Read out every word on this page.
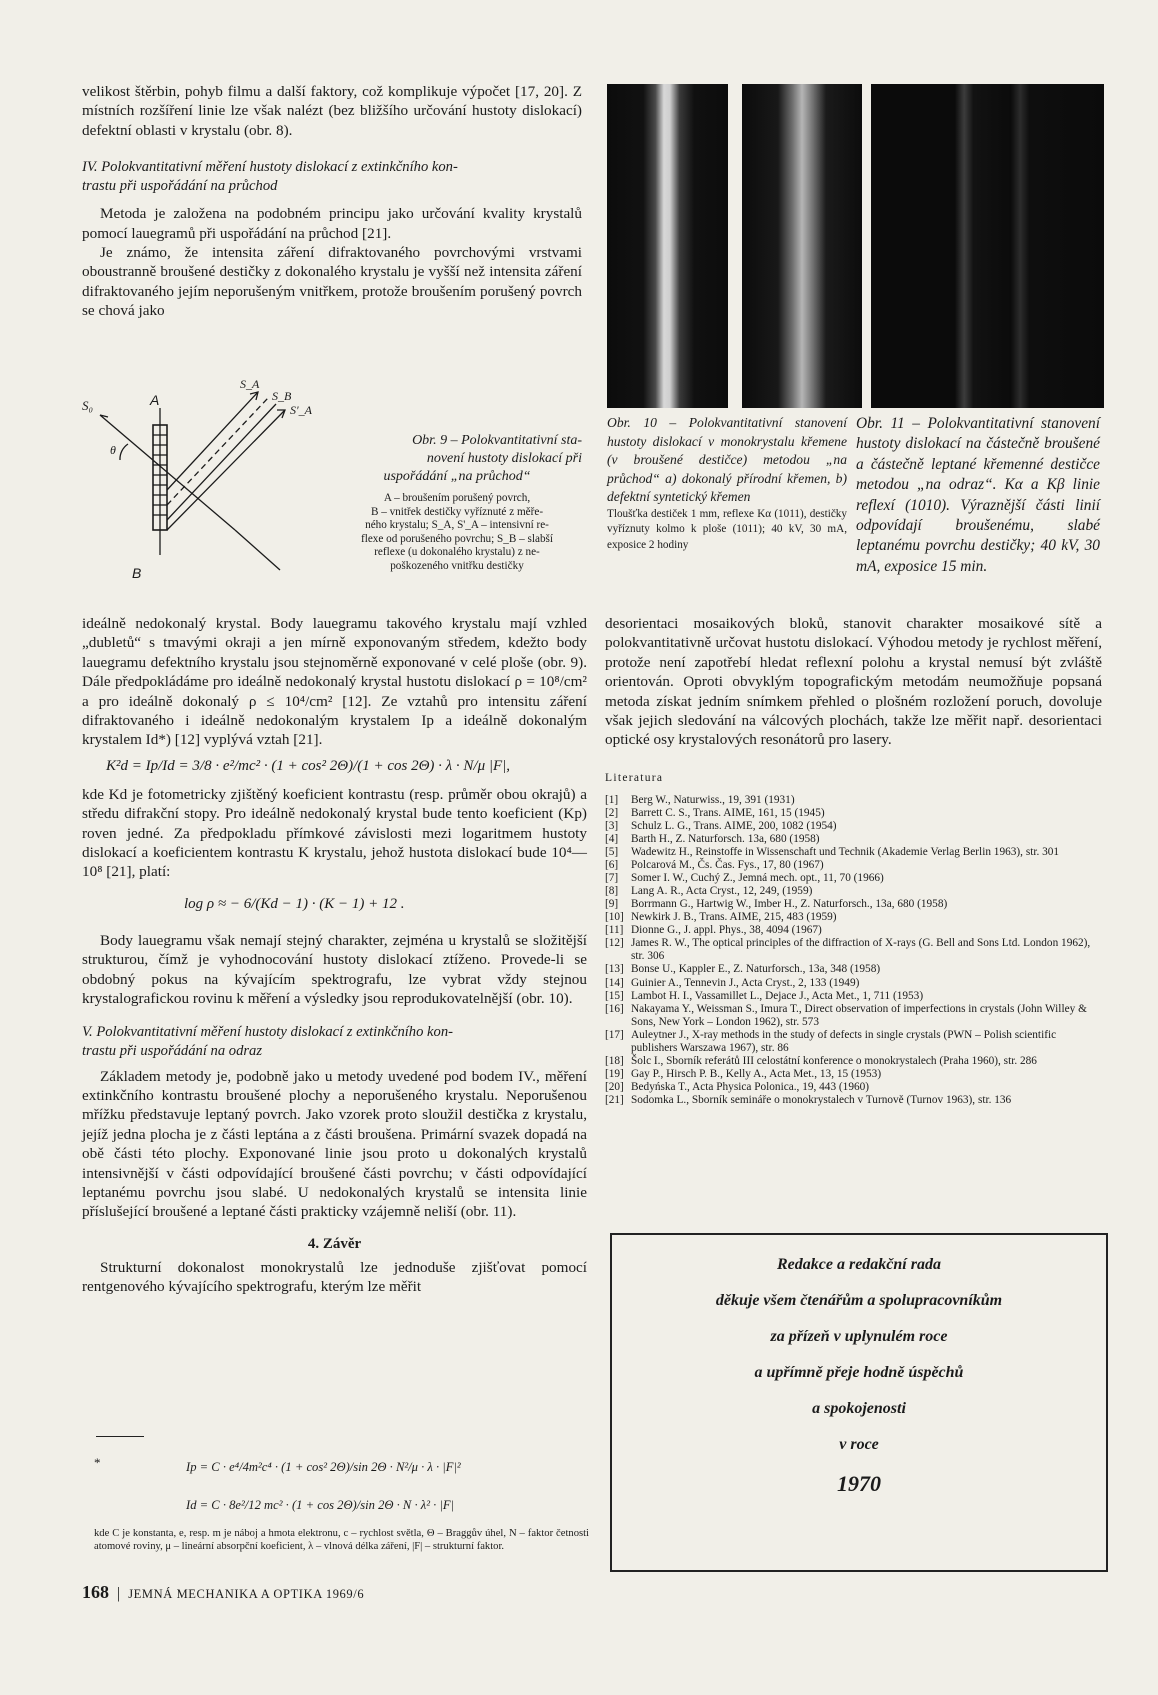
velikost štěrbin, pohyb filmu a další faktory, což komplikuje výpočet [17, 20]. Z místních rozšíření linie lze však nalézt (bez bližšího určování hustoty dislokací) defektní oblasti v krystalu (obr. 8).

IV. Polokvantitativní měření hustoty dislokací z extinkčního kon-

trastu při uspořádání na průchod

Metoda je založena na podobném principu jako určování kvality krystalů pomocí lauegramů při uspořádání na průchod [21].

Je známo, že intensita záření difraktovaného povrchovými vrstvami oboustranně broušené destičky z dokonalého krystalu je vyšší než intensita záření difraktovaného jejím neporušeným vnitřkem, protože broušením porušený povrch se chová jako

S₀	A
B
θ
S_A
S_B
S'_A

Obr. 9 – Polokvantitativní sta-

novení hustoty dislokací při

uspořádání „na průchod“

A – broušením porušený povrch,

B – vnitřek destičky vyříznuté z měře-

ného krystalu; S_A, S'_A – intensivní re-

flexe od porušeného povrchu; S_B – slabší

reflexe (u dokonalého krystalu) z ne-

poškozeného vnitřku destičky

Obr. 10 – Polokvantitativní stanovení hustoty dislokací v monokrystalu křemene (v broušené destičce) metodou „na průchod“ a) dokonalý přírodní křemen, b) defektní syntetický křemen

Tloušťka destiček 1 mm, reflexe Kα (1011), destičky vyříznuty kolmo k ploše (1011); 40 kV, 30 mA, exposice 2 hodiny

Obr. 11 – Polokvantitativní stanovení hustoty dislokací na částečně broušené a částečně leptané křemenné destičce metodou „na odraz“. Kα a Kβ linie reflexí (1010). Výraznější části linií odpovídají broušenému, slabé leptanému povrchu destičky; 40 kV, 30 mA, exposice 15 min.

ideálně nedokonalý krystal. Body lauegramu takového krystalu mají vzhled „dubletů“ s tmavými okraji a jen mírně exponovaným středem, kdežto body lauegramu defektního krystalu jsou stejnoměrně exponované v celé ploše (obr. 9). Dále předpokládáme pro ideálně nedokonalý krystal hustotu dislokací ρ = 10⁸/cm² a pro ideálně dokonalý ρ ≤ 10⁴/cm² [12]. Ze vztahů pro intensitu záření difraktovaného i ideálně nedokonalým krystalem Ip a ideálně dokonalým krystalem Id*) [12] vyplývá vztah [21].

K²d = Ip/Id = 3/8 · e²/mc² · (1 + cos² 2Θ)/(1 + cos 2Θ) · λ · N/μ |F|,

kde Kd je fotometricky zjištěný koeficient kontrastu (resp. průměr obou okrajů) a středu difrakční stopy. Pro ideálně nedokonalý krystal bude tento koeficient (Kp) roven jedné. Za předpokladu přímkové závislosti mezi logaritmem hustoty dislokací a koeficientem kontrastu K krystalu, jehož hustota dislokací bude 10⁴—10⁸ [21], platí:

log ρ ≈ − 6/(Kd − 1) · (K − 1) + 12 .

Body lauegramu však nemají stejný charakter, zejména u krystalů se složitější strukturou, čímž je vyhodnocování hustoty dislokací ztíženo. Provede-li se obdobný pokus na kývajícím spektrografu, lze vybrat vždy stejnou krystalografickou rovinu k měření a výsledky jsou reprodukovatelnější (obr. 10).

V. Polokvantitativní měření hustoty dislokací z extinkčního kon-

trastu při uspořádání na odraz

Základem metody je, podobně jako u metody uvedené pod bodem IV., měření extinkčního kontrastu broušené plochy a neporušeného krystalu. Neporušenou mřížku představuje leptaný povrch. Jako vzorek proto sloužil destička z krystalu, jejíž jedna plocha je z části leptána a z části broušena. Primární svazek dopadá na obě části této plochy. Exponované linie jsou proto u dokonalých krystalů intensivnější v části odpovídající broušené části povrchu; v části odpovídající leptanému povrchu jsou slabé. U nedokonalých krystalů se intensita linie příslušející broušené a leptané části prakticky vzájemně neliší (obr. 11).

4. Závěr

Strukturní dokonalost monokrystalů lze jednoduše zjišťovat pomocí rentgenového kývajícího spektrografu, kterým lze měřit

*	Ip = C · e⁴/4m²c⁴ · (1 + cos² 2Θ)/sin 2Θ · N²/μ · λ · |F|²

Id = C · 8e²/12 mc² · (1 + cos 2Θ)/sin 2Θ · N · λ² · |F|

kde C je konstanta, e, resp. m je náboj a hmota elektronu, c – rychlost světla, Θ – Braggův úhel, N – faktor četnosti atomové roviny, μ – lineární absorpční koeficient, λ – vlnová délka záření, |F| – strukturní faktor.

desorientaci mosaikových bloků, stanovit charakter mosaikové sítě a polokvantitativně určovat hustotu dislokací. Výhodou metody je rychlost měření, protože není zapotřebí hledat reflexní polohu a krystal nemusí být zvláště orientován. Oproti obvyklým topografickým metodám neumožňuje popsaná metoda získat jedním snímkem přehled o plošném rozložení poruch, dovoluje však jejich sledování na válcových plochách, takže lze měřit např. desorientaci optické osy krystalových resonátorů pro lasery.

Literatura

[1]	Berg W., Naturwiss., 19, 391 (1931)
[2]	Barrett C. S., Trans. AIME, 161, 15 (1945)
[3]	Schulz L. G., Trans. AIME, 200, 1082 (1954)
[4]	Barth H., Z. Naturforsch. 13a, 680 (1958)
[5]	Wadewitz H., Reinstoffe in Wissenschaft und Technik (Akademie Verlag Berlin 1963), str. 301
[6]	Polcarová M., Čs. Čas. Fys., 17, 80 (1967)
[7]	Somer I. W., Cuchý Z., Jemná mech. opt., 11, 70 (1966)
[8]	Lang A. R., Acta Cryst., 12, 249, (1959)
[9]	Borrmann G., Hartwig W., Imber H., Z. Naturforsch., 13a, 680 (1958)
[10] Newkirk J. B., Trans. AIME, 215, 483 (1959)
[11] Dionne G., J. appl. Phys., 38, 4094 (1967)
[12] James R. W., The optical principles of the diffraction of X-rays (G. Bell and Sons Ltd. London 1962), str. 306
[13] Bonse U., Kappler E., Z. Naturforsch., 13a, 348 (1958)
[14] Guinier A., Tennevin J., Acta Cryst., 2, 133 (1949)
[15] Lambot H. I., Vassamillet L., Dejace J., Acta Met., 1, 711 (1953)
[16] Nakayama Y., Weissman S., Imura T., Direct observation of imperfections in crystals (John Willey & Sons, New York – London 1962), str. 573
[17] Auleytner J., X-ray methods in the study of defects in single crystals (PWN – Polish scientific publishers Warszawa 1967), str. 86
[18] Šolc I., Sborník referátů III celostátní konference o monokrystalech (Praha 1960), str. 286
[19] Gay P., Hirsch P. B., Kelly A., Acta Met., 13, 15 (1953)
[20] Bedyńska T., Acta Physica Polonica., 19, 443 (1960)
[21] Sodomka L., Sborník semináře o monokrystalech v Turnově (Turnov 1963), str. 136

Redakce a redakční rada

děkuje všem čtenářům a spolupracovníkům

za přízeň v uplynulém roce

a upřímně přeje hodně úspěchů

a spokojenosti

v roce

1970

168 | JEMNÁ MECHANIKA A OPTIKA 1969/6
